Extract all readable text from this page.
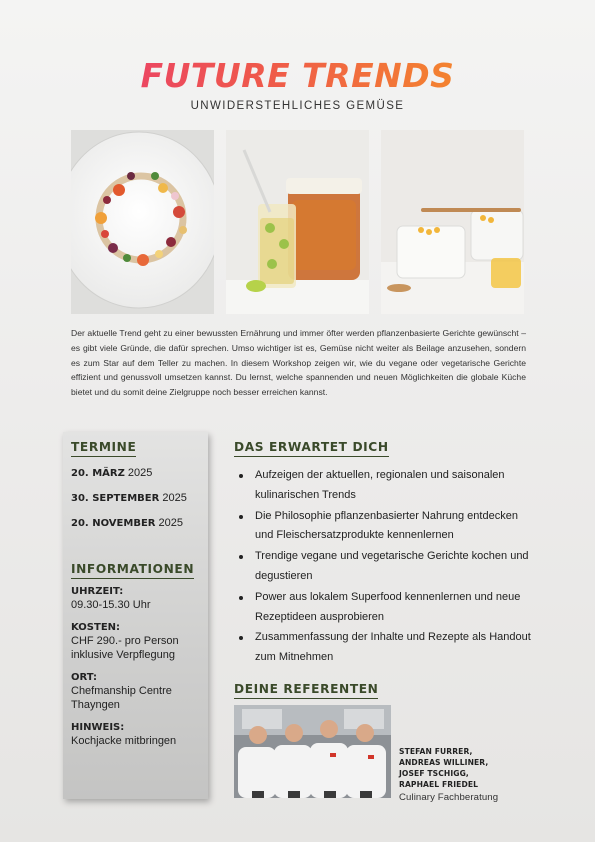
FUTURE TRENDS
UNWIDERSTEHLICHES GEMÜSE

Der aktuelle Trend geht zu einer bewussten Ernährung und immer öfter werden pflanzenbasierte Gerichte gewünscht – es gibt viele Gründe, die dafür sprechen. Umso wichtiger ist es, Gemüse nicht weiter als Beilage anzusehen, sondern es zum Star auf dem Teller zu machen. In diesem Workshop zeigen wir, wie du vegane oder vegetarische Gerichte effizient und genussvoll umsetzen kannst. Du lernst, welche spannenden und neuen Möglichkeiten die globale Küche bietet und du somit deine Zielgruppe noch besser erreichen kannst.

TERMINE
20. MÄRZ 2025
30. SEPTEMBER 2025
20. NOVEMBER 2025
INFORMATIONEN
UHRZEIT:
09.30-15.30 Uhr
KOSTEN:
CHF 290.- pro Person
inklusive Verpflegung
ORT:
Chefmanship Centre
Thayngen
HINWEIS:
Kochjacke mitbringen
DAS ERWARTET DICH
Aufzeigen der aktuellen, regionalen und saisonalen kulinarischen Trends
Die Philosophie pflanzenbasierter Nahrung entdecken und Fleischersatzprodukte kennenlernen
Trendige vegane und vegetarische Gerichte kochen und degustieren
Power aus lokalem Superfood kennenlernen und neue Rezeptideen ausprobieren
Zusammenfassung der Inhalte und Rezepte als Handout zum Mitnehmen
DEINE REFERENTEN
STEFAN FURRER,
ANDREAS WILLINER,
JOSEF TSCHIGG,
RAPHAEL FRIEDEL
Culinary Fachberatung
